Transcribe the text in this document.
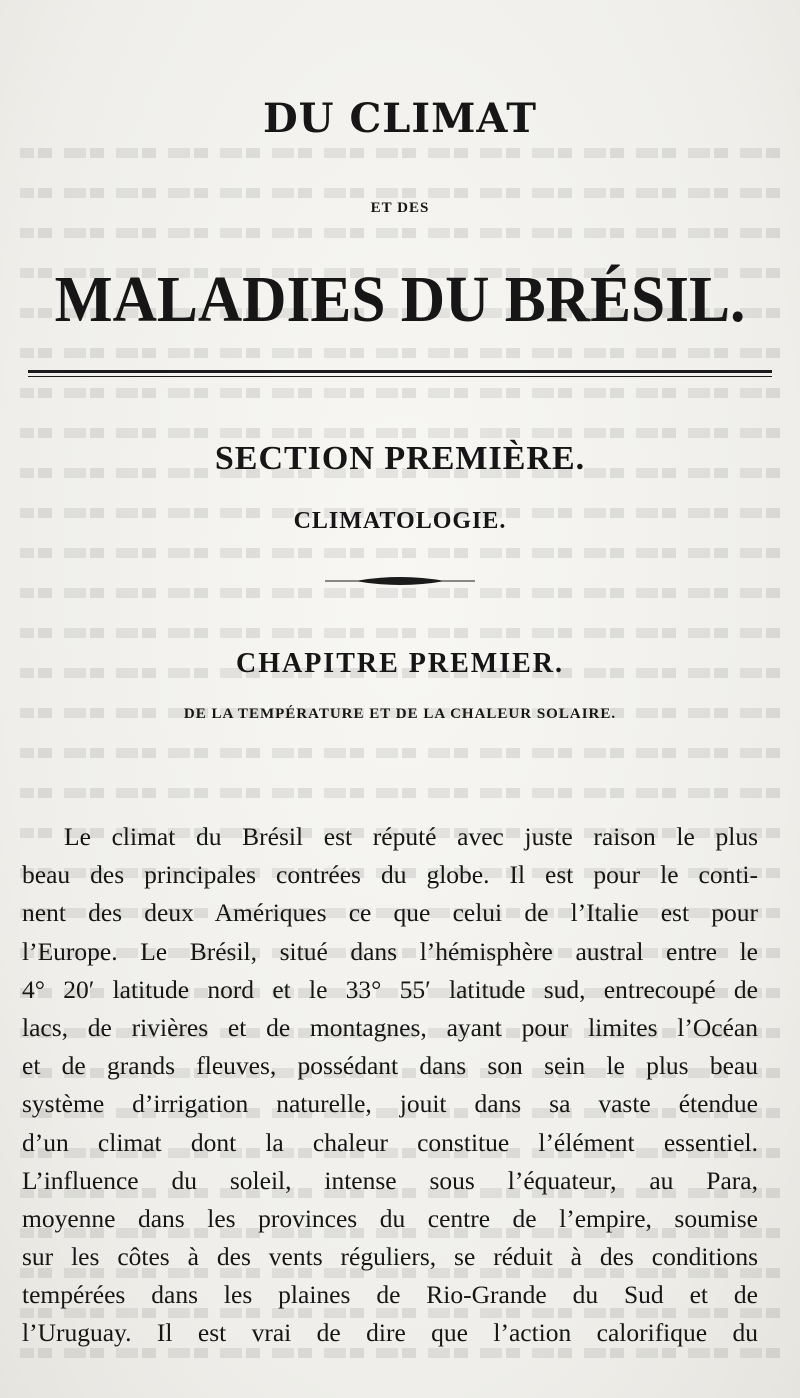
DU CLIMAT
ET DES
MALADIES DU BRÉSIL.
SECTION PREMIÈRE.
CLIMATOLOGIE.
CHAPITRE PREMIER.
DE LA TEMPÉRATURE ET DE LA CHALEUR SOLAIRE.
Le climat du Brésil est réputé avec juste raison le plus
beau des principales contrées du globe. Il est pour le conti-
nent des deux Amériques ce que celui de l’Italie est pour
l’Europe. Le Brésil, situé dans l’hémisphère austral entre le
4° 20′ latitude nord et le 33° 55′ latitude sud, entrecoupé de
lacs, de rivières et de montagnes, ayant pour limites l’Océan
et de grands fleuves, possédant dans son sein le plus beau
système d’irrigation naturelle, jouit dans sa vaste étendue
d’un climat dont la chaleur constitue l’élément essentiel.
L’influence du soleil, intense sous l’équateur, au Para,
moyenne dans les provinces du centre de l’empire, soumise
sur les côtes à des vents réguliers, se réduit à des conditions
tempérées dans les plaines de Rio-Grande du Sud et de
l’Uruguay. Il est vrai de dire que l’action calorifique du
